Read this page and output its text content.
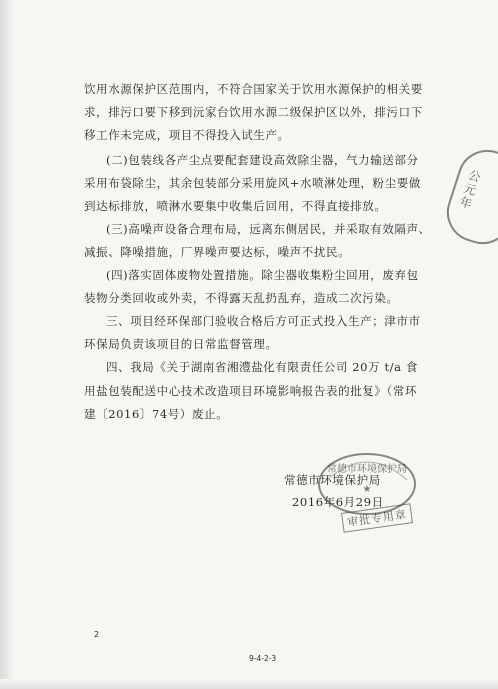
饮用水源保护区范围内，不符合国家关于饮用水源保护的相关要
求，排污口要下移到沅家台饮用水源二级保护区以外，排污口下
移工作未完成，项目不得投入试生产。
(二)包装线各产尘点要配套建设高效除尘器，气力输送部分
采用布袋除尘，其余包装部分采用旋风+水喷淋处理，粉尘要做
到达标排放，喷淋水要集中收集后回用，不得直接排放。
(三)高噪声设备合理布局，远离东侧居民，并采取有效隔声、
减振、降噪措施，厂界噪声要达标，噪声不扰民。
(四)落实固体废物处置措施。除尘器收集粉尘回用，废弃包
装物分类回收或外卖，不得露天乱扔乱弃，造成二次污染。
三、项目经环保部门验收合格后方可正式投入生产；津市市
环保局负责该项目的日常监督管理。
四、我局《关于湖南省湘澧盐化有限责任公司 20万 t/a 食
用盐包装配送中心技术改造项目环境影响报告表的批复》（常环
建〔2016〕74号）废止。
公元年
常德市环境保护局
2016年6月29日
常德市环境保护局
★
审批专用章
2
9-4-2-3
